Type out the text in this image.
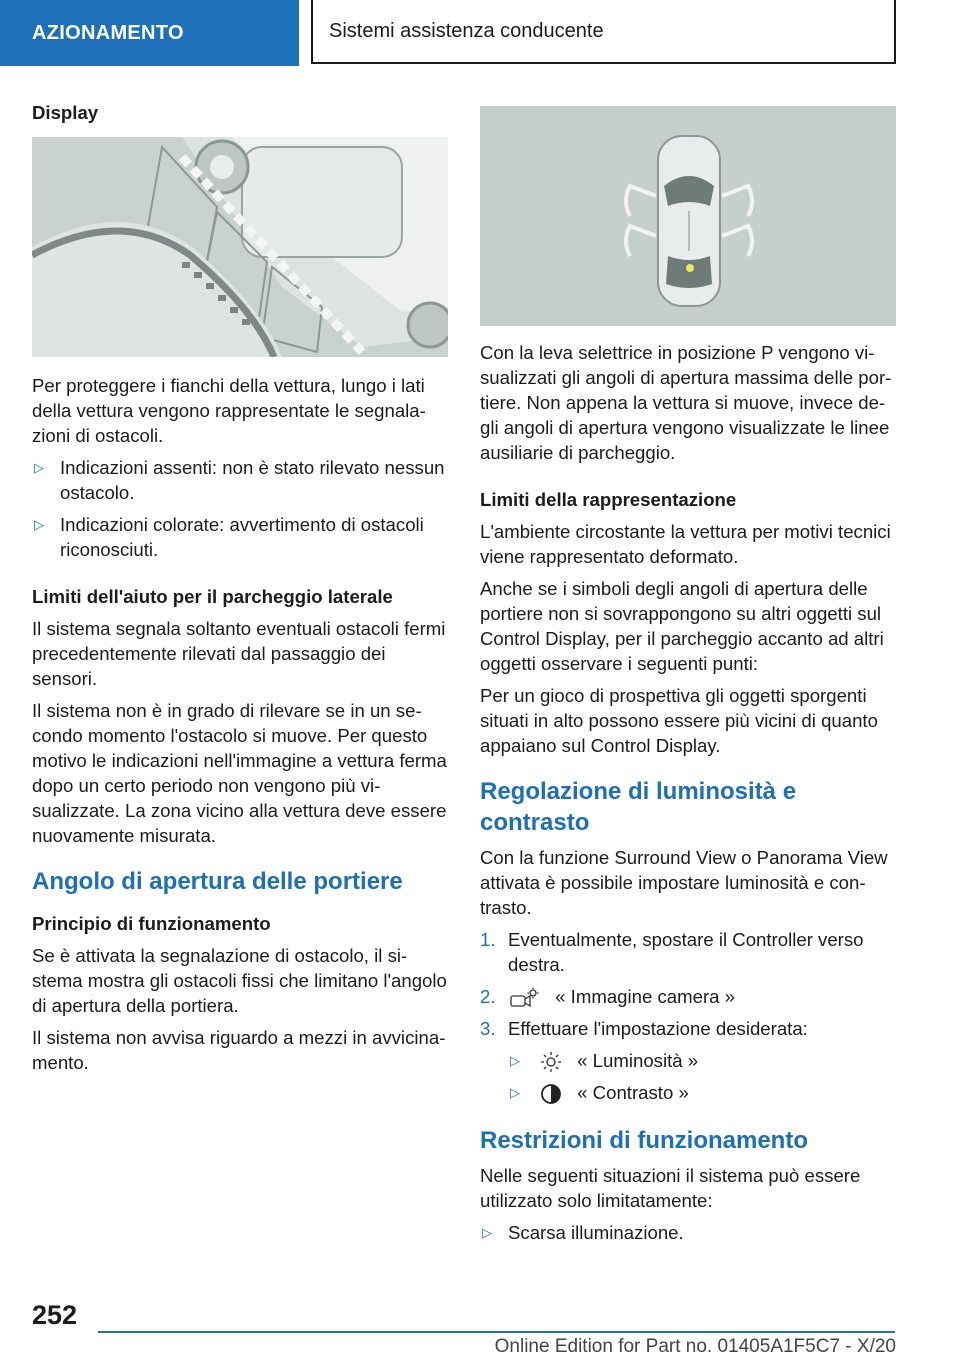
AZIONAMENTO	Sistemi assistenza conducente

Display

Per proteggere i fianchi della vettura, lungo i lati della vettura vengono rappresentate le segnalazioni di ostacoli.

▷ Indicazioni assenti: non è stato rilevato nessun ostacolo.
▷ Indicazioni colorate: avvertimento di ostacoli riconosciuti.

Limiti dell'aiuto per il parcheggio laterale

Il sistema segnala soltanto eventuali ostacoli fermi precedentemente rilevati dal passaggio dei sensori.

Il sistema non è in grado di rilevare se in un secondo momento l'ostacolo si muove. Per questo motivo le indicazioni nell'immagine a vettura ferma dopo un certo periodo non vengono più visualizzate. La zona vicino alla vettura deve essere nuovamente misurata.

Angolo di apertura delle portiere

Principio di funzionamento

Se è attivata la segnalazione di ostacolo, il sistema mostra gli ostacoli fissi che limitano l'angolo di apertura della portiera.

Il sistema non avvisa riguardo a mezzi in avvicinamento.

Con la leva selettrice in posizione P vengono visualizzati gli angoli di apertura massima delle portiere. Non appena la vettura si muove, invece degli angoli di apertura vengono visualizzate le linee ausiliarie di parcheggio.

Limiti della rappresentazione

L'ambiente circostante la vettura per motivi tecnici viene rappresentato deformato.

Anche se i simboli degli angoli di apertura delle portiere non si sovrappongono su altri oggetti sul Control Display, per il parcheggio accanto ad altri oggetti osservare i seguenti punti:

Per un gioco di prospettiva gli oggetti sporgenti situati in alto possono essere più vicini di quanto appaiano sul Control Display.

Regolazione di luminosità e contrasto

Con la funzione Surround View o Panorama View attivata è possibile impostare luminosità e contrasto.

1. Eventualmente, spostare il Controller verso destra.
2.	« Immagine camera »
3. Effettuare l'impostazione desiderata:
▷	« Luminosità »
▷	« Contrasto »

Restrizioni di funzionamento

Nelle seguenti situazioni il sistema può essere utilizzato solo limitatamente:

▷ Scarsa illuminazione.
252
Online Edition for Part no. 01405A1F5C7 - X/20
